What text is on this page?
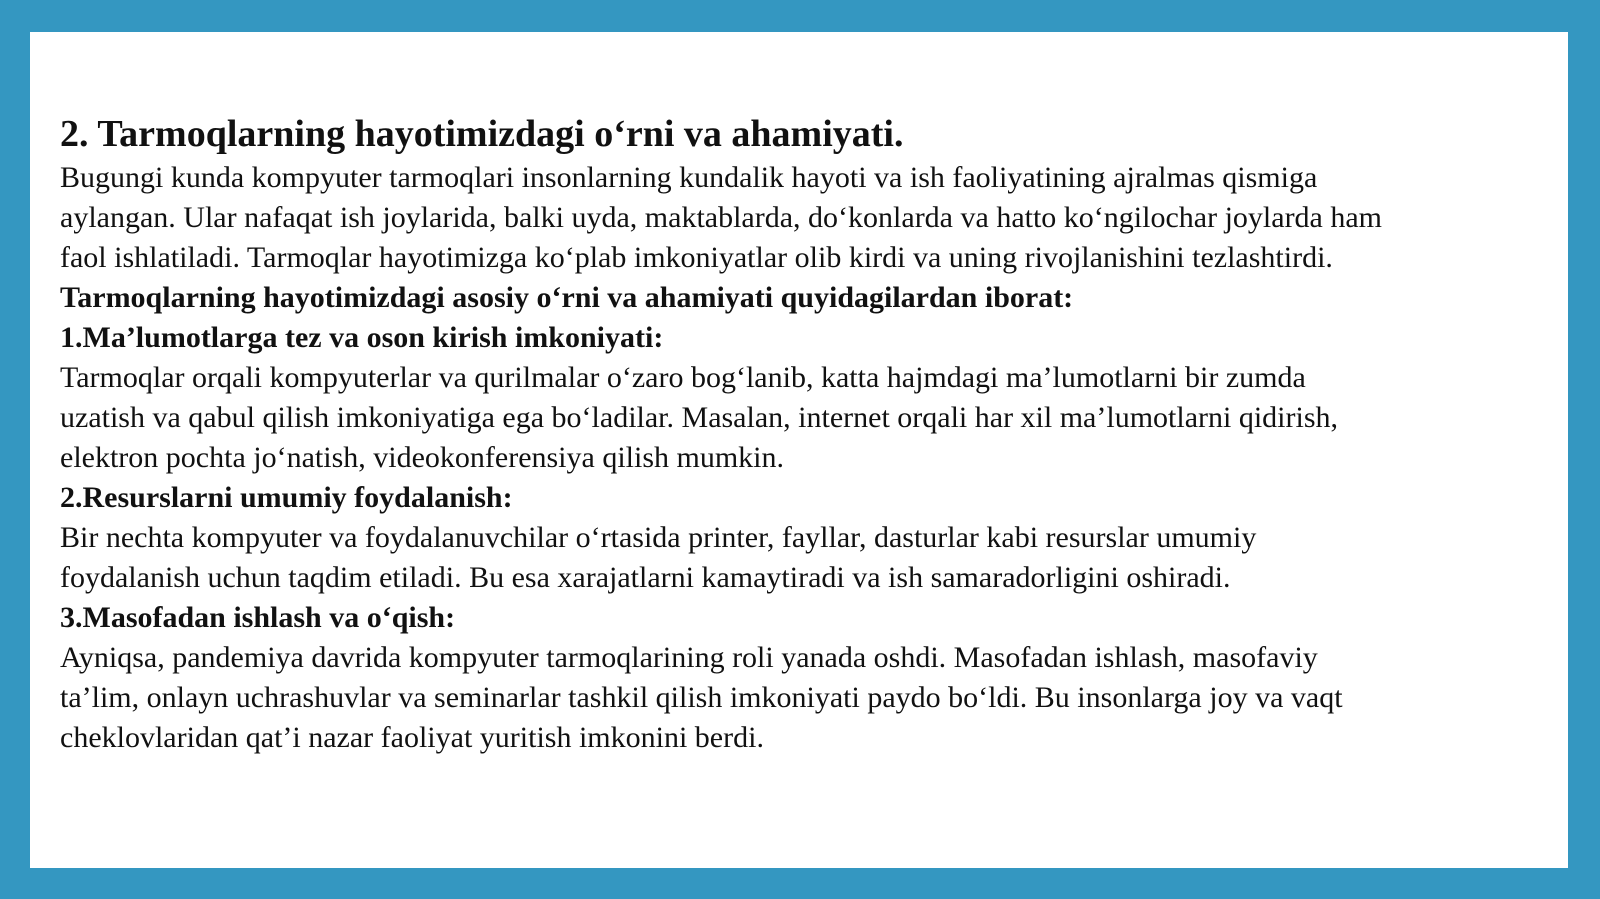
2. Tarmoqlarning hayotimizdagi o‘rni va ahamiyati.

Bugungi kunda kompyuter tarmoqlari insonlarning kundalik hayoti va ish faoliyatining ajralmas qismiga

aylangan. Ular nafaqat ish joylarida, balki uyda, maktablarda, do‘konlarda va hatto ko‘ngilochar joylarda ham

faol ishlatiladi. Tarmoqlar hayotimizga ko‘plab imkoniyatlar olib kirdi va uning rivojlanishini tezlashtirdi.

Tarmoqlarning hayotimizdagi asosiy o‘rni va ahamiyati quyidagilardan iborat:

1.Ma’lumotlarga tez va oson kirish imkoniyati:

Tarmoqlar orqali kompyuterlar va qurilmalar o‘zaro bog‘lanib, katta hajmdagi ma’lumotlarni bir zumda

uzatish va qabul qilish imkoniyatiga ega bo‘ladilar. Masalan, internet orqali har xil ma’lumotlarni qidirish,

elektron pochta jo‘natish, videokonferensiya qilish mumkin.

2.Resurslarni umumiy foydalanish:

Bir nechta kompyuter va foydalanuvchilar o‘rtasida printer, fayllar, dasturlar kabi resurslar umumiy

foydalanish uchun taqdim etiladi. Bu esa xarajatlarni kamaytiradi va ish samaradorligini oshiradi.

3.Masofadan ishlash va o‘qish:

Ayniqsa, pandemiya davrida kompyuter tarmoqlarining roli yanada oshdi. Masofadan ishlash, masofaviy

ta’lim, onlayn uchrashuvlar va seminarlar tashkil qilish imkoniyati paydo bo‘ldi. Bu insonlarga joy va vaqt

cheklovlaridan qat’i nazar faoliyat yuritish imkonini berdi.
